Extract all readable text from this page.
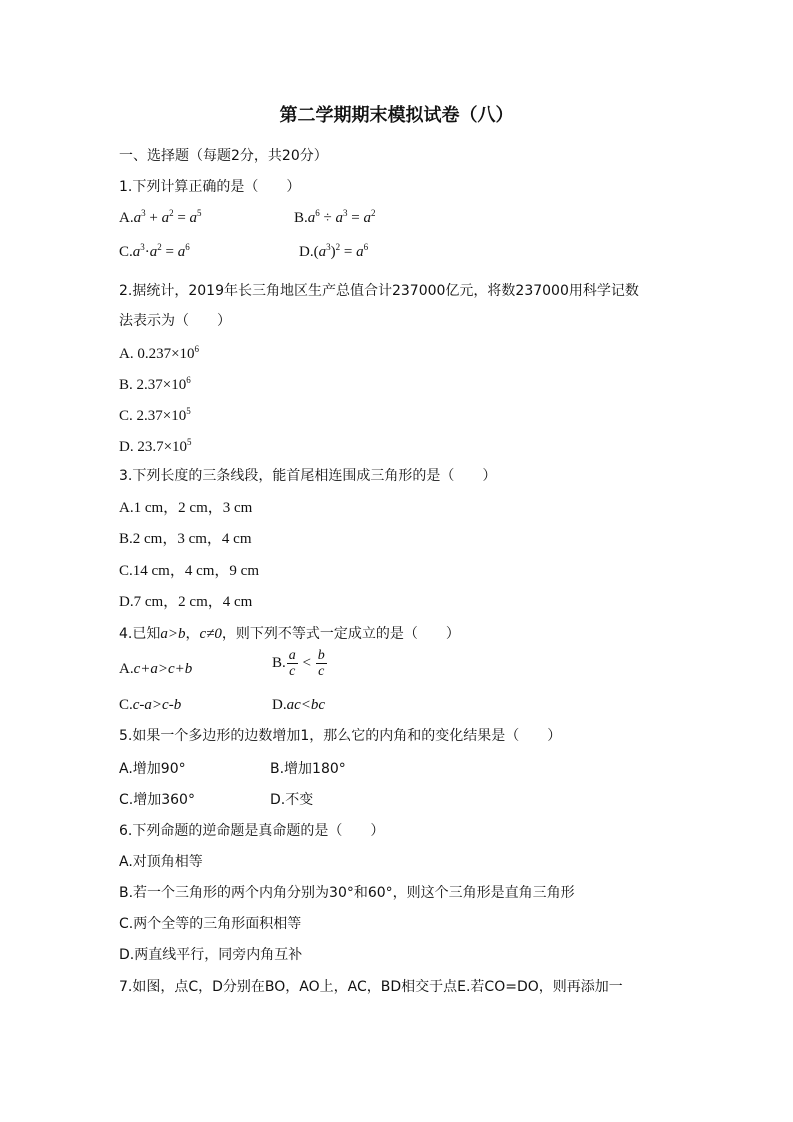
第二学期期末模拟试卷（八）
一、选择题（每题2分，共20分）
1.下列计算正确的是（　　）
$A.a^3 + a^2 = a^5$	$B.a^6 \div a^3 = a^2$
$C.a^3\cdot a^2 = a^6$	$D.(a^3)^2 = a^6$
2.据统计，2019年长三角地区生产总值合计237000亿元，将数237000用科学记数
法表示为（　　）
A. $0.237\times 10^6$
B. $2.37\times 10^6$
C. $2.37\times 10^5$
D. $23.7\times 10^5$
3.下列长度的三条线段，能首尾相连围成三角形的是（　　）
A.1 cm，2 cm，3 cm
B.2 cm，3 cm，4 cm
C.14 cm，4 cm，9 cm
D.7 cm，2 cm，4 cm
4.已知a>b，c≠0，则下列不等式一定成立的是（　　）
A.c+a>c+b	B. $\frac{a}{c} < \frac{b}{c}$
C.c-a>c-b	D.ac<bc
5.如果一个多边形的边数增加1，那么它的内角和的变化结果是（　　）
A.增加90°	B.增加180°
C.增加360°	D.不变
6.下列命题的逆命题是真命题的是（　　）
A.对顶角相等
B.若一个三角形的两个内角分别为30°和60°，则这个三角形是直角三角形
C.两个全等的三角形面积相等
D.两直线平行，同旁内角互补
7.如图，点C，D分别在BO，AO上，AC，BD相交于点E.若CO=DO，则再添加一
